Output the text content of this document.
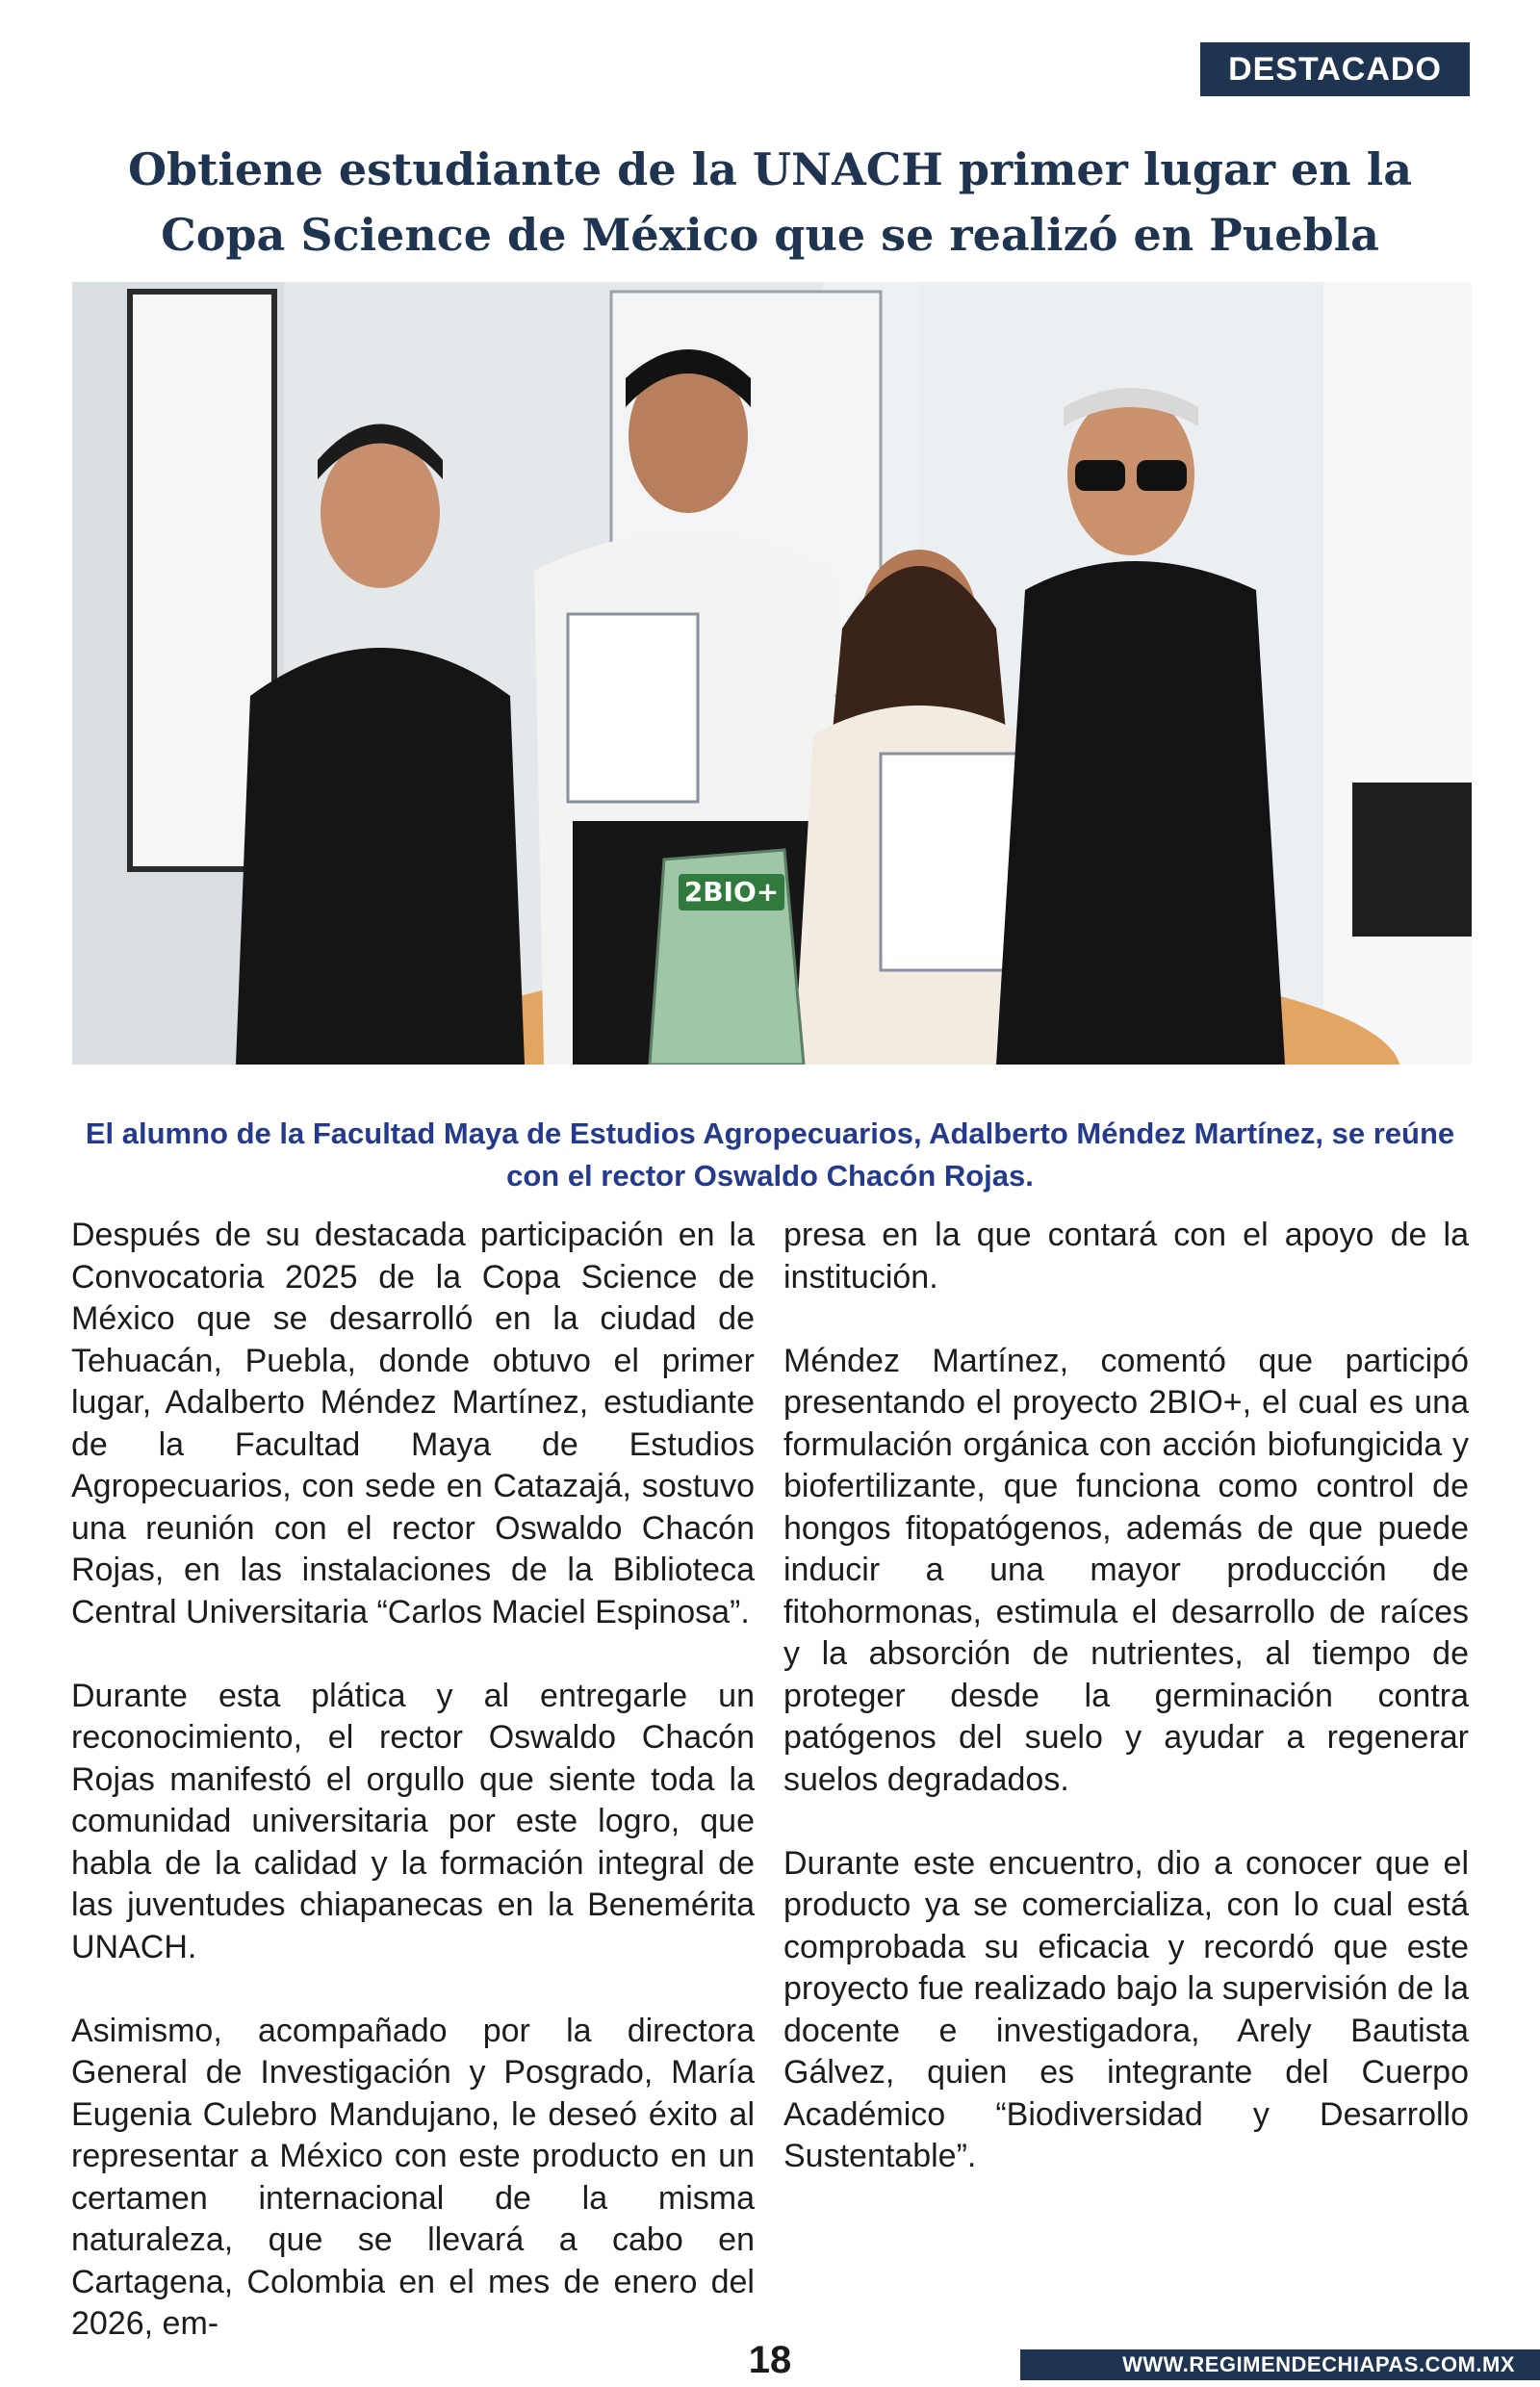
DESTACADO
Obtiene estudiante de la UNACH primer lugar en la Copa Science de México que se realizó en Puebla
2BIO+

El alumno de la Facultad Maya de Estudios Agropecuarios, Adalberto Méndez Martínez, se reúne con el rector Oswaldo Chacón Rojas.

Después de su destacada participación en la Convocatoria 2025 de la Copa Science de México que se desarrolló en la ciudad de Tehuacán, Puebla, donde obtuvo el primer lugar, Adalberto Méndez Martínez, estudiante de la Facultad Maya de Estudios Agropecuarios, con sede en Catazajá, sostuvo una reunión con el rector Oswaldo Chacón Rojas, en las instalaciones de la Biblioteca Central Universitaria “Carlos Maciel Espinosa”.

Durante esta plática y al entregarle un reconocimiento, el rector Oswaldo Chacón Rojas manifestó el orgullo que siente toda la comunidad universitaria por este logro, que habla de la calidad y la formación integral de las juventudes chiapanecas en la Benemérita UNACH.

Asimismo, acompañado por la directora General de Investigación y Posgrado, María Eugenia Culebro Mandujano, le deseó éxito al representar a México con este producto en un certamen internacional de la misma naturaleza, que se llevará a cabo en Cartagena, Colombia en el mes de enero del 2026, em-

presa en la que contará con el apoyo de la institución.

Méndez Martínez, comentó que participó presentando el proyecto 2BIO+, el cual es una formulación orgánica con acción biofungicida y biofertilizante, que funciona como control de hongos fitopatógenos, además de que puede inducir a una mayor producción de fitohormonas, estimula el desarrollo de raíces y la absorción de nutrientes, al tiempo de proteger desde la germinación contra patógenos del suelo y ayudar a regenerar suelos degradados.

Durante este encuentro, dio a conocer que el producto ya se comercializa, con lo cual está comprobada su eficacia y recordó que este proyecto fue realizado bajo la supervisión de la docente e investigadora, Arely Bautista Gálvez, quien es integrante del Cuerpo Académico “Biodiversidad y Desarrollo Sustentable”.

18	WWW.REGIMENDECHIAPAS.COM.MX
